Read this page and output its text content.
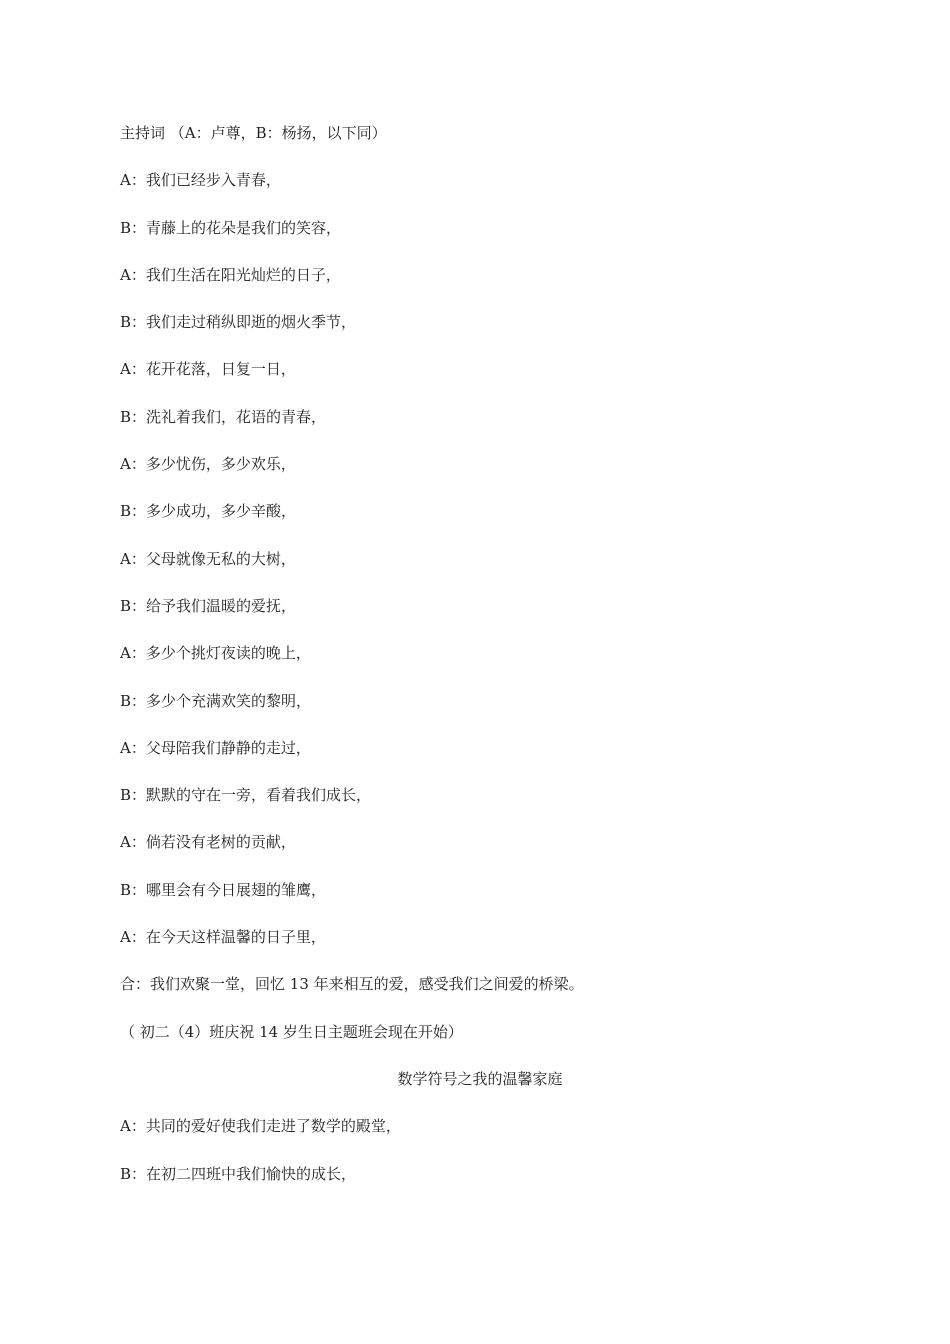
主持词 （A：卢尊，B：杨扬，以下同）
A：我们已经步入青春，
B：青藤上的花朵是我们的笑容，
A：我们生活在阳光灿烂的日子，
B：我们走过稍纵即逝的烟火季节，
A：花开花落，日复一日，
B：洗礼着我们，花语的青春，
A：多少忧伤，多少欢乐，
B：多少成功，多少辛酸，
A：父母就像无私的大树，
B：给予我们温暖的爱抚，
A：多少个挑灯夜读的晚上，
B：多少个充满欢笑的黎明，
A：父母陪我们静静的走过，
B：默默的守在一旁，看着我们成长，
A：倘若没有老树的贡献，
B：哪里会有今日展翅的雏鹰，
A：在今天这样温馨的日子里，
合：我们欢聚一堂，回忆 13 年来相互的爱，感受我们之间爱的桥梁。
（ 初二（4）班庆祝 14 岁生日主题班会现在开始）
数学符号之我的温馨家庭
A：共同的爱好使我们走进了数学的殿堂，
B：在初二四班中我们愉快的成长，
